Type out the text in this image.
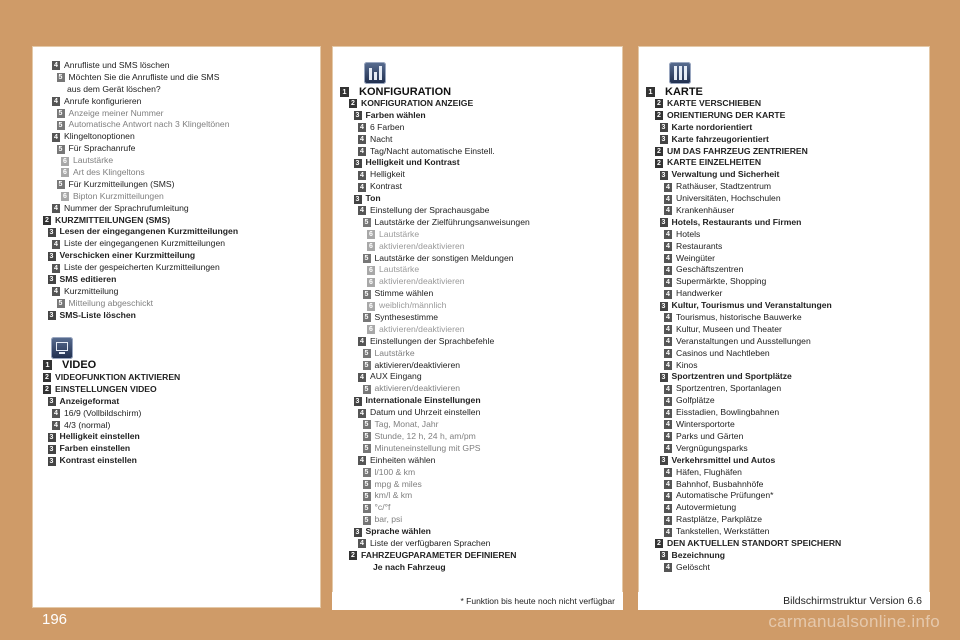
4 Anrufliste und SMS löschen
5 Möchten Sie die Anrufliste und die SMS
aus dem Gerät löschen?
4 Anrufe konfigurieren
5 Anzeige meiner Nummer
5 Automatische Antwort nach 3 Klingeltönen
4 Klingeltonoptionen
5 Für Sprachanrufe
6 Lautstärke
6 Art des Klingeltons
5 Für Kurzmitteilungen (SMS)
6 Bipton Kurzmitteilungen
4 Nummer der Sprachrufumleitung
2 KURZMITTEILUNGEN (SMS)
3 Lesen der eingegangenen Kurzmitteilungen
4 Liste der eingegangenen Kurzmitteilungen
3 Verschicken einer Kurzmitteilung
4 Liste der gespeicherten Kurzmitteilungen
3 SMS editieren
4 Kurzmitteilung
5 Mitteilung abgeschickt
3 SMS-Liste löschen
1 VIDEO
2 VIDEOFUNKTION AKTIVIEREN
2 EINSTELLUNGEN VIDEO
3 Anzeigeformat
4 16/9 (Vollbildschirm)
4 4/3 (normal)
3 Helligkeit einstellen
3 Farben einstellen
3 Kontrast einstellen
1 KONFIGURATION
2 KONFIGURATION ANZEIGE
3 Farben wählen
4 6 Farben
4 Nacht
4 Tag/Nacht automatische Einstell.
3 Helligkeit und Kontrast
4 Helligkeit
4 Kontrast
3 Ton
4 Einstellung der Sprachausgabe
5 Lautstärke der Zielführungsanweisungen
6 Lautstärke
6 aktivieren/deaktivieren
5 Lautstärke der sonstigen Meldungen
6 Lautstärke
6 aktivieren/deaktivieren
5 Stimme wählen
6 weiblich/männlich
5 Synthesestimme
6 aktivieren/deaktivieren
4 Einstellungen der Sprachbefehle
5 Lautstärke
5 aktivieren/deaktivieren
4 AUX Eingang
5 aktivieren/deaktivieren
3 Internationale Einstellungen
4 Datum und Uhrzeit einstellen
5 Tag, Monat, Jahr
5 Stunde, 12 h, 24 h, am/pm
5 Minuteneinstellung mit GPS
4 Einheiten wählen
5 l/100 & km
5 mpg & miles
5 km/l & km
5 °c/°f
5 bar, psi
3 Sprache wählen
4 Liste der verfügbaren Sprachen
2 FAHRZEUGPARAMETER DEFINIEREN
Je nach Fahrzeug
1 KARTE
2 KARTE VERSCHIEBEN
2 ORIENTIERUNG DER KARTE
3 Karte nordorientiert
3 Karte fahrzeugorientiert
2 UM DAS FAHRZEUG ZENTRIEREN
2 KARTE EINZELHEITEN
3 Verwaltung und Sicherheit
4 Rathäuser, Stadtzentrum
4 Universitäten, Hochschulen
4 Krankenhäuser
3 Hotels, Restaurants und Firmen
4 Hotels
4 Restaurants
4 Weingüter
4 Geschäftszentren
4 Supermärkte, Shopping
4 Handwerker
3 Kultur, Tourismus und Veranstaltungen
4 Tourismus, historische Bauwerke
4 Kultur, Museen und Theater
4 Veranstaltungen und Ausstellungen
4 Casinos und Nachtleben
4 Kinos
3 Sportzentren und Sportplätze
4 Sportzentren, Sportanlagen
4 Golfplätze
4 Eisstadien, Bowlingbahnen
4 Wintersportorte
4 Parks und Gärten
4 Vergnügungsparks
3 Verkehrsmittel und Autos
4 Häfen, Flughäfen
4 Bahnhof, Busbahnhöfe
4 Automatische Prüfungen*
4 Autovermietung
4 Rastplätze, Parkplätze
4 Tankstellen, Werkstätten
2 DEN AKTUELLEN STANDORT SPEICHERN
3 Bezeichnung
4 Gelöscht
* Funktion bis heute noch nicht verfügbar	Bildschirmstruktur Version 6.6
196	carmanualsonline.info
